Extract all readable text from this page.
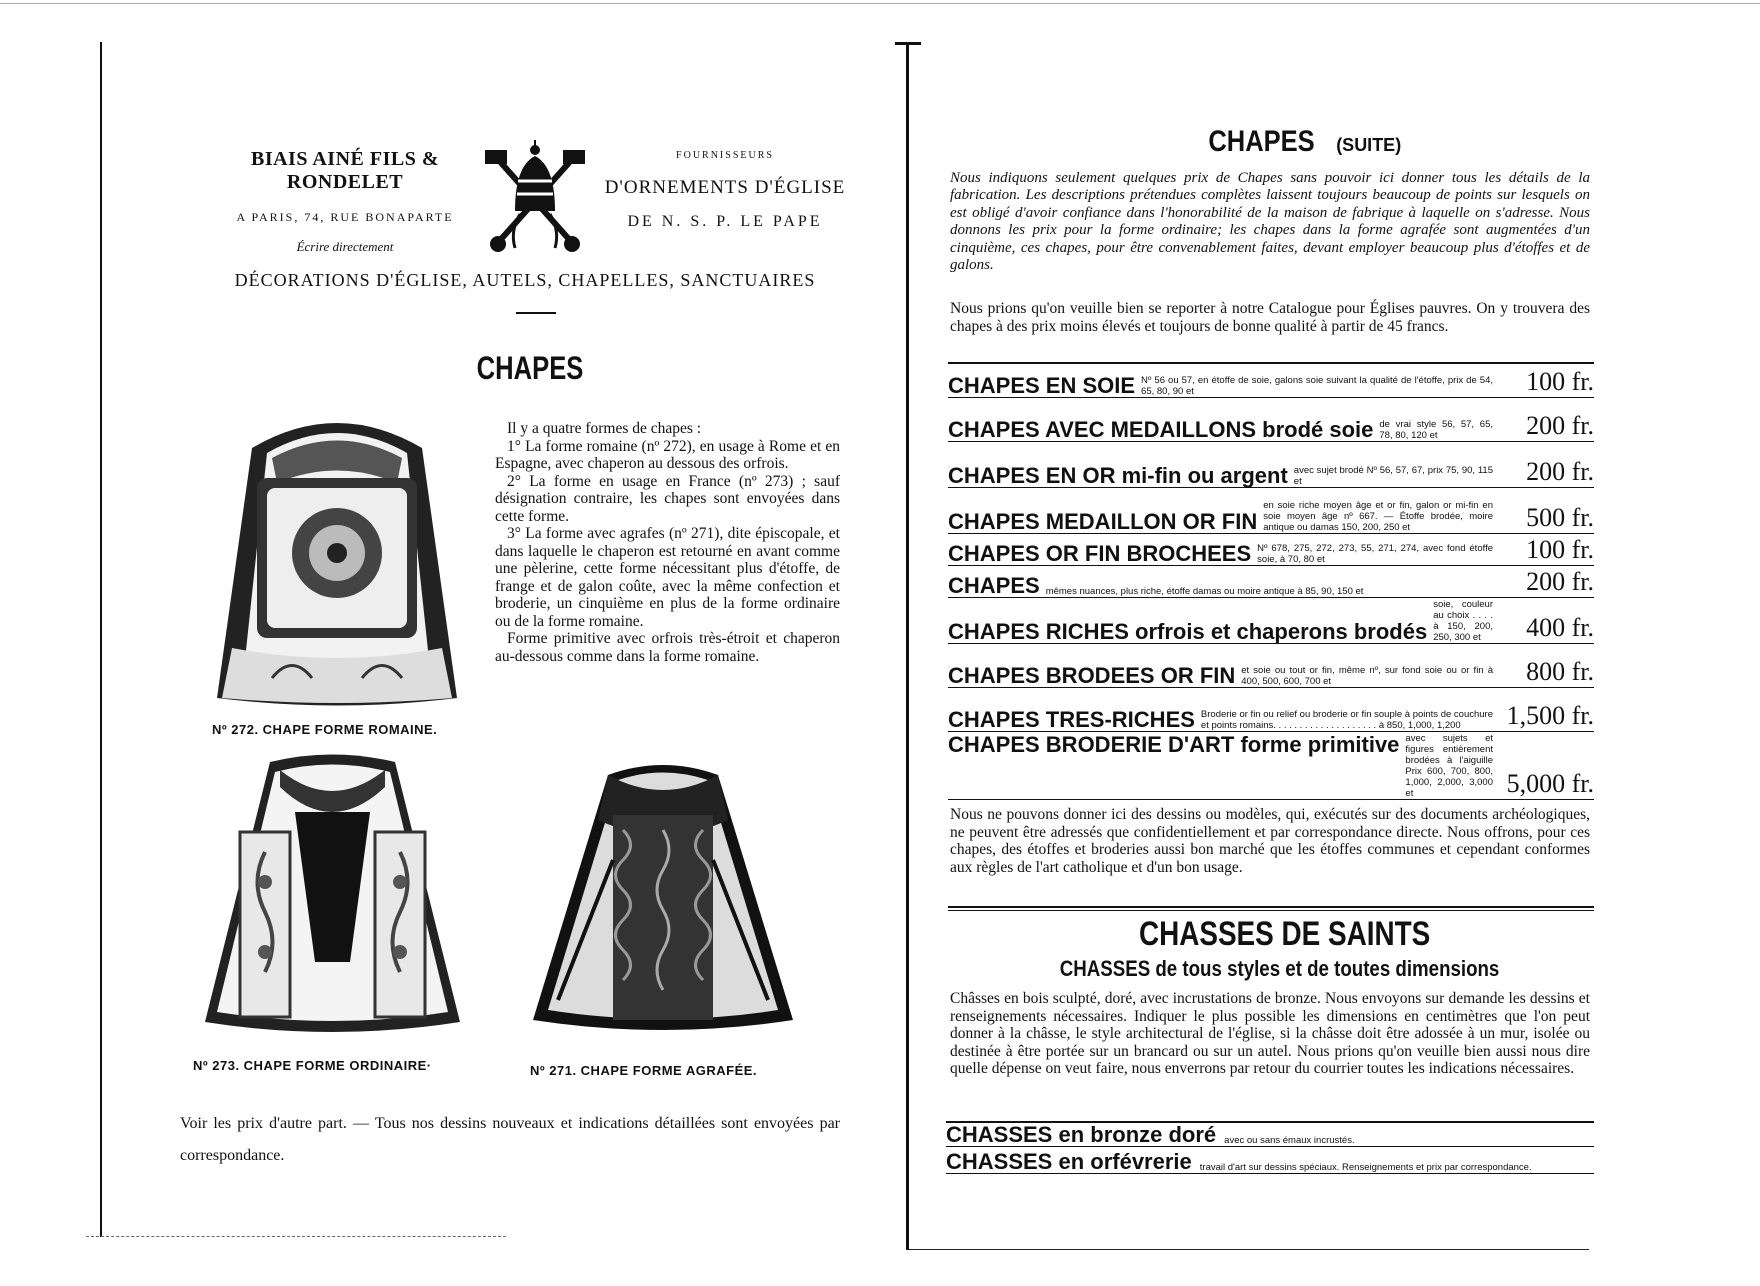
BIAIS AINÉ FILS & RONDELET
A PARIS, 74, RUE BONAPARTE
Écrire directement
FOURNISSEURS
D'ORNEMENTS D'ÉGLISE
DE N. S. P. LE PAPE
DÉCORATIONS D'ÉGLISE, AUTELS, CHAPELLES, SANCTUAIRES
CHAPES
Nº 272. CHAPE FORME ROMAINE.
Nº 273. CHAPE FORME ORDINAIRE·	Nº 271. CHAPE FORME AGRAFÉE.

Il y a quatre formes de chapes :

1° La forme romaine (nº 272), en usage à Rome et en Espagne, avec chaperon au dessous des orfrois.

2° La forme en usage en France (nº 273) ; sauf désignation contraire, les chapes sont envoyées dans cette forme.

3° La forme avec agrafes (nº 271), dite épiscopale, et dans laquelle le chaperon est retourné en avant comme une pèlerine, cette forme nécessitant plus d'étoffe, de frange et de galon coûte, avec la même confection et broderie, un cinquième en plus de la forme ordinaire ou de la forme romaine.

Forme primitive avec orfrois très-étroit et chaperon au-dessous comme dans la forme romaine.

Voir les prix d'autre part. — Tous nos dessins nouveaux et indications détaillées sont envoyées par correspondance.
CHAPES (SUITE)
Nous indiquons seulement quelques prix de Chapes sans pouvoir ici donner tous les détails de la fabrication. Les descriptions prétendues complètes laissent toujours beaucoup de points sur lesquels on est obligé d'avoir confiance dans l'honorabilité de la maison de fabrique à laquelle on s'adresse. Nous donnons les prix pour la forme ordinaire; les chapes dans la forme agrafée sont augmentées d'un cinquième, ces chapes, pour être convenablement faites, devant employer beaucoup plus d'étoffes et de galons.
Nous prions qu'on veuille bien se reporter à notre Catalogue pour Églises pauvres. On y trouvera des chapes à des prix moins élevés et toujours de bonne qualité à partir de 45 francs.
CHAPES EN SOIE Nº 56 ou 57, en étoffe de soie, galons soie suivant la qualité de l'étoffe, prix de 54, 65, 80, 90 et	100 fr.
CHAPES AVEC MEDAILLONS brodé soie de vrai style 56, 57, 65, 78, 80, 120 et	200 fr.
CHAPES EN OR mi-fin ou argent avec sujet brodé Nº 56, 57, 67, prix 75, 90, 115 et	200 fr.
CHAPES MEDAILLON OR FIN
en soie riche moyen âge et or fin, galon or mi-fin en soie moyen âge nº 667. — Étoffe brodée, moire antique ou damas 150, 200, 250 et	500 fr.
CHAPES OR FIN BROCHEES Nº 678, 275, 272, 273, 55, 271, 274, avec fond étoffe soie, à 70, 80 et	100 fr.
CHAPES mêmes nuances, plus riche, étoffe damas ou moire antique à 85, 90, 150 et	200 fr.
CHAPES RICHES orfrois et chaperons brodés
soie, couleur au choix . . . . à 150, 200, 250, 300 et	400 fr.
CHAPES BRODEES OR FIN et soie ou tout or fin, même nº, sur fond soie ou or fin à 400, 500, 600, 700 et	800 fr.
CHAPES TRES-RICHES Broderie or fin ou relief ou broderie or fin souple à points de couchure et points romains. . . . . . . . . . . . . . . . . . . . à 850, 1,000, 1,200	1,500 fr.
CHAPES BRODERIE D'ART forme primitive avec sujets et figures entièrement brodées à l'aiguille Prix 600, 700, 800, 1,000, 2,000, 3,000 et	5,000 fr.
Nous ne pouvons donner ici des dessins ou modèles, qui, exécutés sur des documents archéologiques, ne peuvent être adressés que confidentiellement et par correspondance directe. Nous offrons, pour ces chapes, des étoffes et broderies aussi bon marché que les étoffes communes et cependant conformes aux règles de l'art catholique et d'un bon usage.
CHASSES DE SAINTS
CHASSES de tous styles et de toutes dimensions
Châsses en bois sculpté, doré, avec incrustations de bronze. Nous envoyons sur demande les dessins et renseignements nécessaires. Indiquer le plus possible les dimensions en centimètres que l'on peut donner à la châsse, le style architectural de l'église, si la châsse doit être adossée à un mur, isolée ou destinée à être portée sur un brancard ou sur un autel. Nous prions qu'on veuille bien aussi nous dire quelle dépense on veut faire, nous enverrons par retour du courrier toutes les indications nécessaires.
CHASSES en bronze doré avec ou sans émaux incrustés.
CHASSES en orfévrerie travail d'art sur dessins spéciaux. Renseignements et prix par correspondance.
